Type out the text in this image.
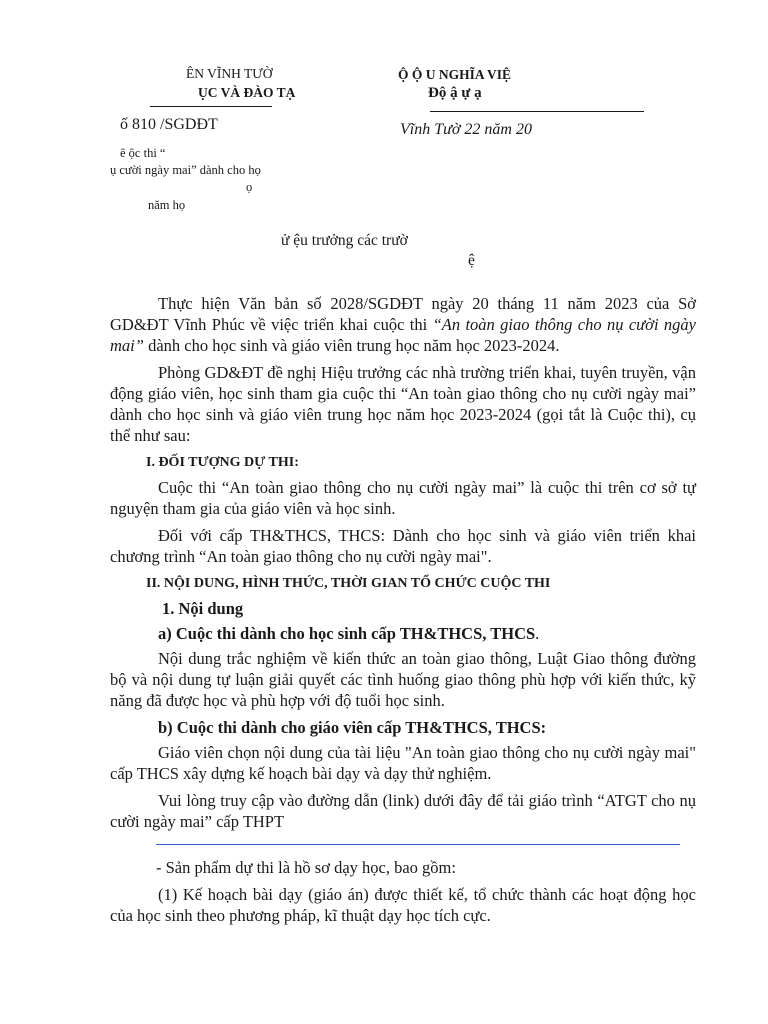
ÊN VĨNH TƯỜ
ỤC VÀ ĐÀO TẠ
ố 810 /SGDĐT
ê ộc thi “
ụ cười ngày mai” dành cho họ
ọ
năm họ
Ộ Ộ U NGHĨA VIỆ
Độ ậ ự ạ
Vĩnh Tườ 22 năm 20
ử ệu trưởng các trườ
ệ

Thực hiện Văn bản số 2028/SGDĐT ngày 20 tháng 11 năm 2023 của Sở GD&ĐT Vĩnh Phúc về việc triển khai cuộc thi “An toàn giao thông cho nụ cười ngày mai” dành cho học sinh và giáo viên trung học năm học 2023-2024.

Phòng GD&ĐT đề nghị Hiệu trưởng các nhà trường triển khai, tuyên truyền, vận động giáo viên, học sinh tham gia cuộc thi “An toàn giao thông cho nụ cười ngày mai” dành cho học sinh và giáo viên trung học năm học 2023-2024 (gọi tắt là Cuộc thi), cụ thể như sau:

I. ĐỐI TƯỢNG DỰ THI:

Cuộc thi “An toàn giao thông cho nụ cười ngày mai” là cuộc thi trên cơ sở tự nguyện tham gia của giáo viên và học sinh.

Đối với cấp TH&THCS, THCS: Dành cho học sinh và giáo viên triển khai chương trình “An toàn giao thông cho nụ cười ngày mai".

II. NỘI DUNG, HÌNH THỨC, THỜI GIAN TỔ CHỨC CUỘC THI

1. Nội dung

a) Cuộc thi dành cho học sinh cấp TH&THCS, THCS.

Nội dung trắc nghiệm về kiến thức an toàn giao thông, Luật Giao thông đường bộ và nội dung tự luận giải quyết các tình huống giao thông phù hợp với kiến thức, kỹ năng đã được học và phù hợp với độ tuổi học sinh.

b) Cuộc thi dành cho giáo viên cấp TH&THCS, THCS:

Giáo viên chọn nội dung của tài liệu "An toàn giao thông cho nụ cười ngày mai" cấp THCS xây dựng kế hoạch bài dạy và dạy thử nghiệm.

Vui lòng truy cập vào đường dẫn (link) dưới đây để tải giáo trình “ATGT cho nụ cười ngày mai” cấp THPT

- Sản phẩm dự thi là hồ sơ dạy học, bao gồm:

(1) Kế hoạch bài dạy (giáo án) được thiết kế, tổ chức thành các hoạt động học của học sinh theo phương pháp, kĩ thuật dạy học tích cực.
